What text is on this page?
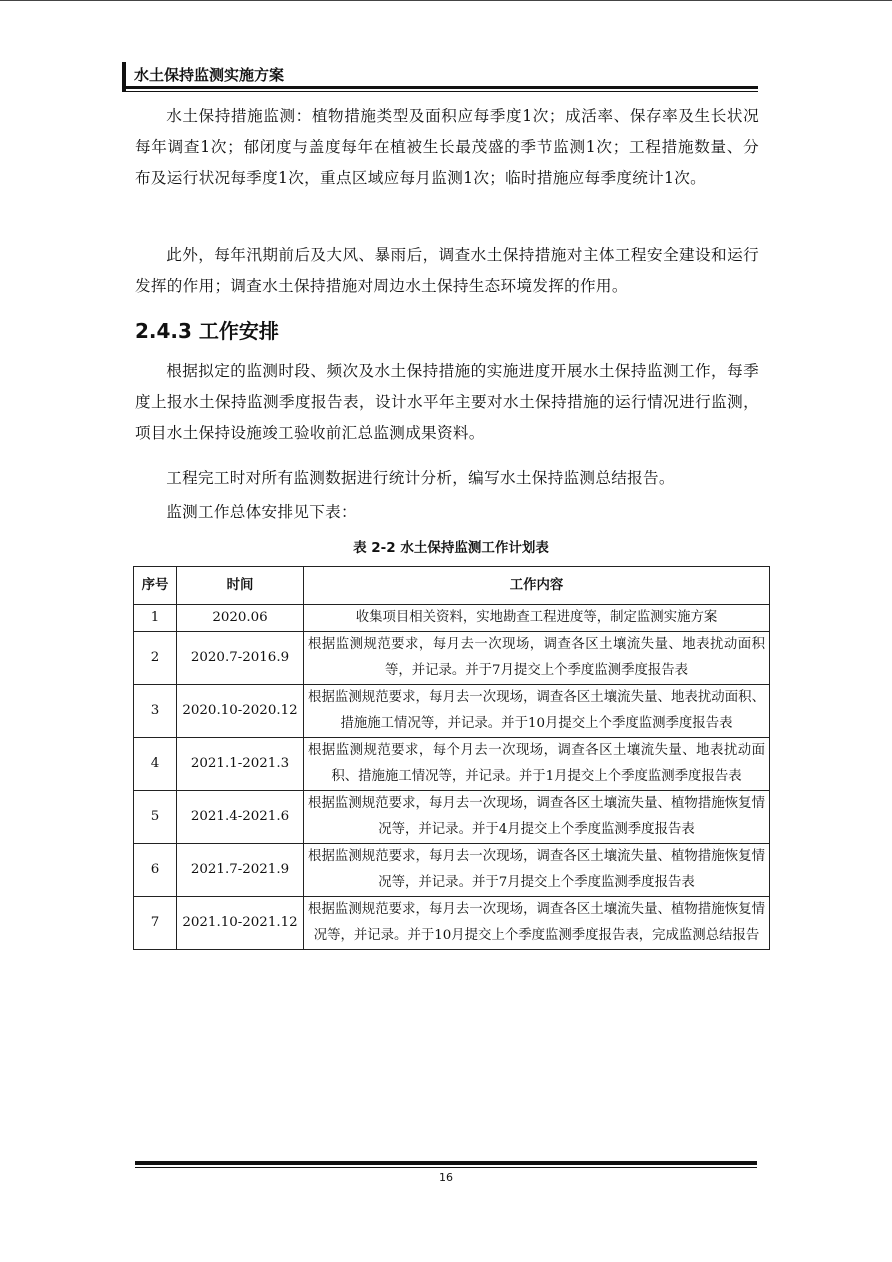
水土保持监测实施方案

水土保持措施监测：植物措施类型及面积应每季度1次；成活率、保存率及生长状况每年调查1次；郁闭度与盖度每年在植被生长最茂盛的季节监测1次；工程措施数量、分布及运行状况每季度1次，重点区域应每月监测1次；临时措施应每季度统计1次。

此外，每年汛期前后及大风、暴雨后，调查水土保持措施对主体工程安全建设和运行发挥的作用；调查水土保持措施对周边水土保持生态环境发挥的作用。

2.4.3 工作安排

根据拟定的监测时段、频次及水土保持措施的实施进度开展水土保持监测工作，每季度上报水土保持监测季度报告表，设计水平年主要对水土保持措施的运行情况进行监测，项目水土保持设施竣工验收前汇总监测成果资料。

工程完工时对所有监测数据进行统计分析，编写水土保持监测总结报告。

监测工作总体安排见下表：

表 2-2 水土保持监测工作计划表
序号	时间	工作内容
1	2020.06	收集项目相关资料，实地勘查工程进度等，制定监测实施方案
2	2020.7-2016.9	根据监测规范要求，每月去一次现场，调查各区土壤流失量、地表扰动面积等，并记录。并于7月提交上个季度监测季度报告表
3	2020.10-2020.12	根据监测规范要求，每月去一次现场，调查各区土壤流失量、地表扰动面积、措施施工情况等，并记录。并于10月提交上个季度监测季度报告表
4	2021.1-2021.3	根据监测规范要求，每个月去一次现场，调查各区土壤流失量、地表扰动面积、措施施工情况等，并记录。并于1月提交上个季度监测季度报告表
5	2021.4-2021.6	根据监测规范要求，每月去一次现场，调查各区土壤流失量、植物措施恢复情况等，并记录。并于4月提交上个季度监测季度报告表
6	2021.7-2021.9	根据监测规范要求，每月去一次现场，调查各区土壤流失量、植物措施恢复情况等，并记录。并于7月提交上个季度监测季度报告表
7	2021.10-2021.12	根据监测规范要求，每月去一次现场，调查各区土壤流失量、植物措施恢复情况等，并记录。并于10月提交上个季度监测季度报告表，完成监测总结报告
16
